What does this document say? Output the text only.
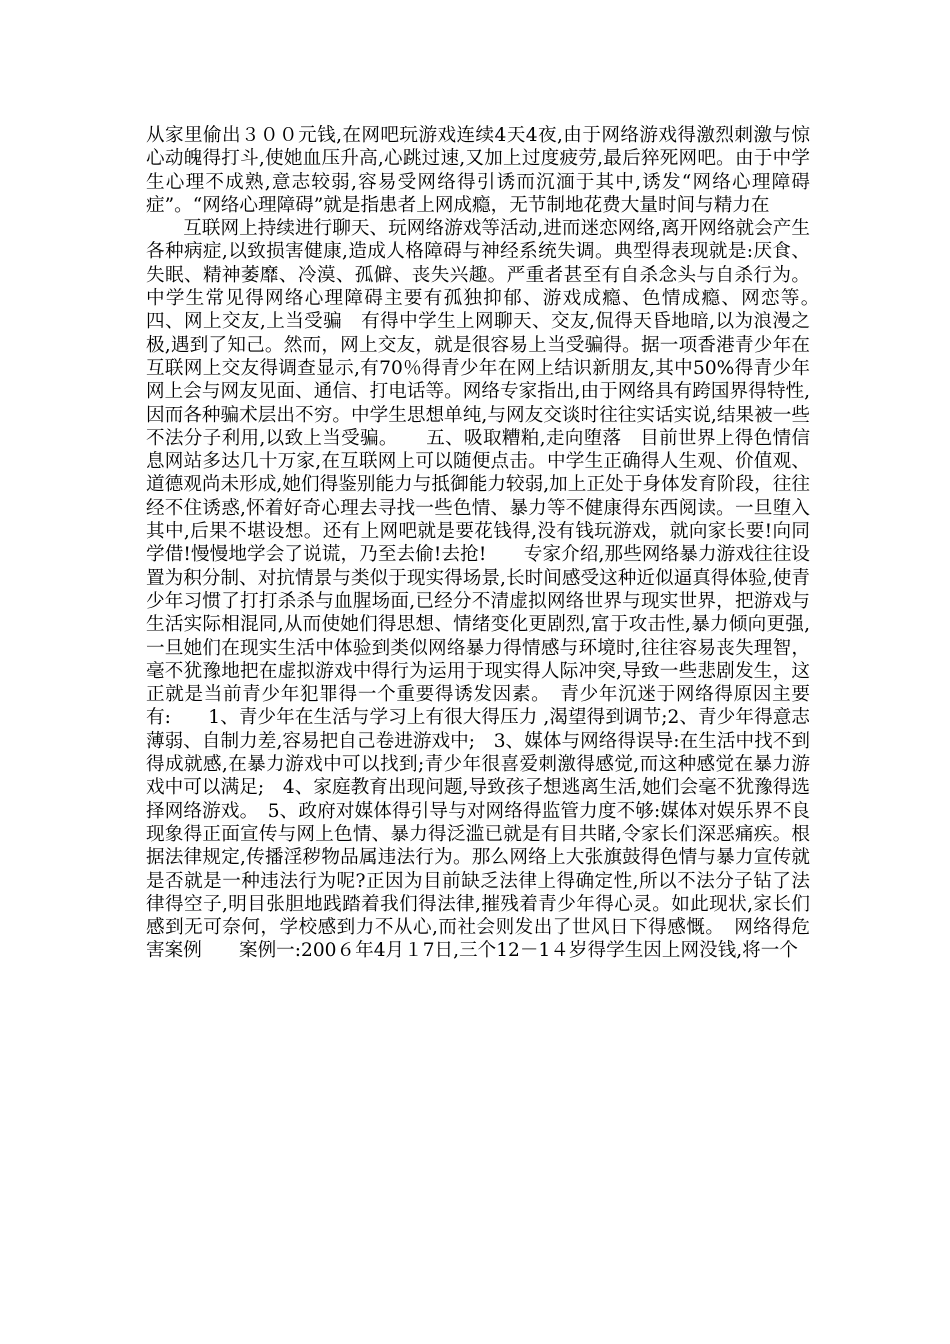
从家里偷出３００元钱,在网吧玩游戏连续4天4夜,由于网络游戏得激烈刺激与惊心动魄得打斗,使她血压升高,心跳过速,又加上过度疲劳,最后猝死网吧。由于中学生心理不成熟,意志较弱,容易受网络得引诱而沉湎于其中,诱发“网络心理障碍症”。“网络心理障碍”就是指患者上网成瘾，无节制地花费大量时间与精力在

互联网上持续进行聊天、玩网络游戏等活动,进而迷恋网络,离开网络就会产生各种病症,以致损害健康,造成人格障碍与神经系统失调。典型得表现就是:厌食、失眠、精神萎靡、冷漠、孤僻、丧失兴趣。严重者甚至有自杀念头与自杀行为。中学生常见得网络心理障碍主要有孤独抑郁、游戏成瘾、色情成瘾、网恋等。　　四、网上交友,上当受骗　有得中学生上网聊天、交友,侃得天昏地暗,以为浪漫之极,遇到了知己。然而，网上交友，就是很容易上当受骗得。据一项香港青少年在互联网上交友得调查显示,有70％得青少年在网上结识新朋友,其中50%得青少年网上会与网友见面、通信、打电话等。网络专家指出,由于网络具有跨国界得特性,因而各种骗术层出不穷。中学生思想单纯,与网友交谈时往往实话实说,结果被一些不法分子利用,以致上当受骗。　　五、吸取糟粕,走向堕落　目前世界上得色情信息网站多达几十万家,在互联网上可以随便点击。中学生正确得人生观、价值观、道德观尚未形成,她们得鉴别能力与抵御能力较弱,加上正处于身体发育阶段，往往经不住诱惑,怀着好奇心理去寻找一些色情、暴力等不健康得东西阅读。一旦堕入其中,后果不堪设想。还有上网吧就是要花钱得,没有钱玩游戏，就向家长要!向同学借!慢慢地学会了说谎，乃至去偷!去抢!　　专家介绍,那些网络暴力游戏往往设置为积分制、对抗情景与类似于现实得场景,长时间感受这种近似逼真得体验,使青少年习惯了打打杀杀与血腥场面,已经分不清虚拟网络世界与现实世界，把游戏与生活实际相混同,从而使她们得思想、情绪变化更剧烈,富于攻击性,暴力倾向更强,一旦她们在现实生活中体验到类似网络暴力得情感与环境时,往往容易丧失理智，毫不犹豫地把在虚拟游戏中得行为运用于现实得人际冲突,导致一些悲剧发生，这正就是当前青少年犯罪得一个重要得诱发因素。　青少年沉迷于网络得原因主要有:　　1、青少年在生活与学习上有很大得压力 ,渴望得到调节;2、青少年得意志薄弱、自制力差,容易把自己卷进游戏中;　3、媒体与网络得误导:在生活中找不到得成就感,在暴力游戏中可以找到;青少年很喜爱刺激得感觉,而这种感觉在暴力游戏中可以满足;　4、家庭教育出现问题,导致孩子想逃离生活,她们会毫不犹豫得选择网络游戏。　5、政府对媒体得引导与对网络得监管力度不够:媒体对娱乐界不良现象得正面宣传与网上色情、暴力得泛滥已就是有目共睹,令家长们深恶痛疾。根据法律规定,传播淫秽物品属违法行为。那么网络上大张旗鼓得色情与暴力宣传就是否就是一种违法行为呢?正因为目前缺乏法律上得确定性,所以不法分子钻了法律得空子,明目张胆地践踏着我们得法律,摧残着青少年得心灵。如此现状,家长们感到无可奈何，学校感到力不从心,而社会则发出了世风日下得感慨。　网络得危害案例　　案例一:200６年4月１7日,三个12－1４岁得学生因上网没钱,将一个
